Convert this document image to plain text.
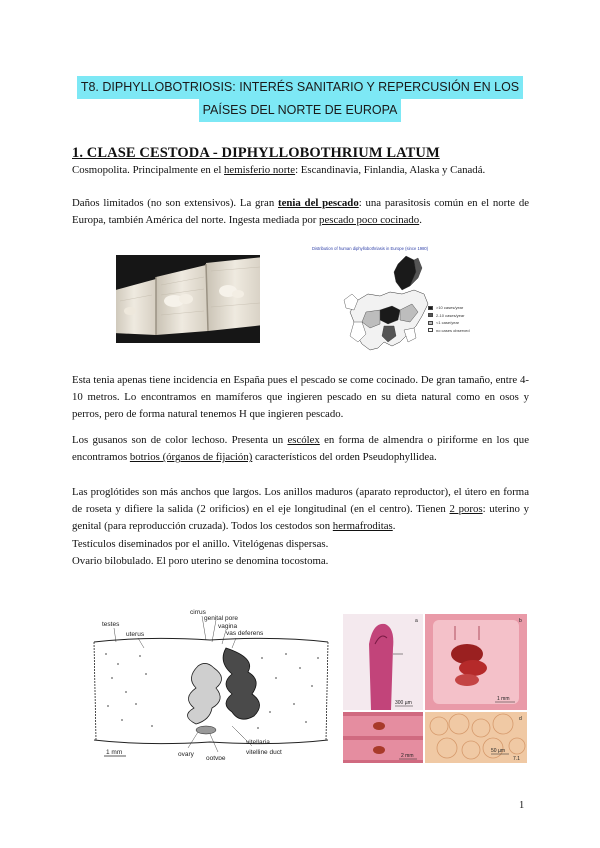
T8. DIPHYLLOBOTRIOSIS: INTERÉS SANITARIO Y REPERCUSIÓN EN LOS
PAÍSES DEL NORTE DE EUROPA
1. CLASE CESTODA - DIPHYLLOBOTHRIUM LATUM
Cosmopolita. Principalmente en el hemisferio norte: Escandinavia, Finlandia, Alaska y Canadá.
Daños limitados (no son extensivos). La gran tenia del pescado: una parasitosis común en el norte de Europa, también América del norte. Ingesta mediada por pescado poco cocinado.
Distribution of human diphyllobothriasis in Europe (since 1980)
>10 cases/year
2-10 cases/year
<1 case/year
no cases observed
Esta tenia apenas tiene incidencia en España pues el pescado se come cocinado. De gran tamaño, entre 4-10 metros. Lo encontramos en mamíferos que ingieren pescado en su dieta natural como en osos y perros, pero de forma natural tenemos H que ingieren pescado.
Los gusanos son de color lechoso. Presenta un escólex en forma de almendra o piriforme en los que encontramos botrios (órganos de fijación) característicos del orden Pseudophyllidea.
Las proglótides son más anchos que largos. Los anillos maduros (aparato reproductor), el útero en forma de roseta y difiere la salida (2 orificios) en el eje longitudinal (en el centro). Tienen 2 poros: uterino y genital (para reproducción cruzada). Todos los cestodos son hermafroditas.
Testículos diseminados por el anillo. Vitelógenas dispersas.
Ovario bilobulado. El poro uterino se denomina tocostoma.
testes
uterus
cirrus
genital pore
vagina
vas deferens
1 mm	ovary	vitelline duct
vitellaria
ootype
a
300 µm
b
1 mm
2 mm
d
50 µm
7.1
1
